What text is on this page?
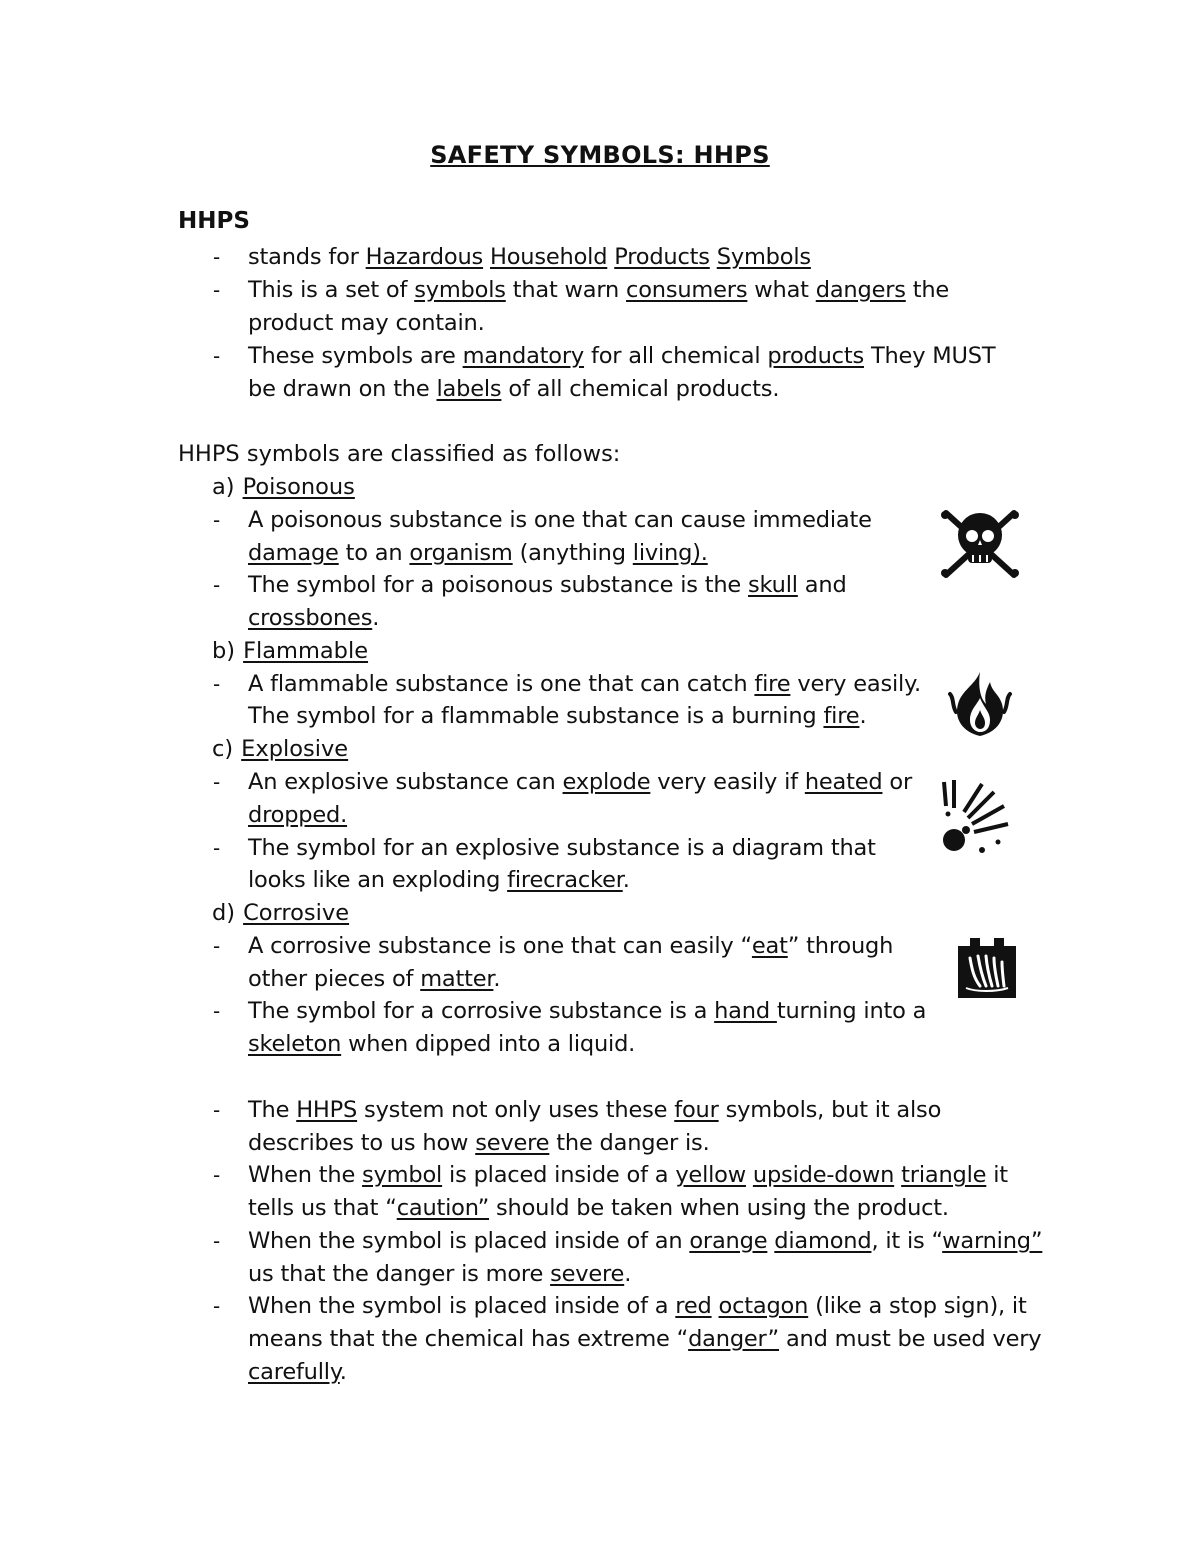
SAFETY SYMBOLS: HHPS
HHPS
- stands for Hazardous Household Products Symbols
- This is a set of symbols that warn consumers what dangers the
product may contain.
- These symbols are mandatory for all chemical products They MUST
be drawn on the labels of all chemical products.
HHPS symbols are classified as follows:
a) Poisonous
- A poisonous substance is one that can cause immediate
damage to an organism (anything living).
- The symbol for a poisonous substance is the skull and
crossbones.
b) Flammable
- A flammable substance is one that can catch fire very easily.
The symbol for a flammable substance is a burning fire.
c) Explosive
- An explosive substance can explode very easily if heated or
dropped.
- The symbol for an explosive substance is a diagram that
looks like an exploding firecracker.
d) Corrosive
- A corrosive substance is one that can easily “eat” through
other pieces of matter.
- The symbol for a corrosive substance is a hand turning into a
skeleton when dipped into a liquid.
- The HHPS system not only uses these four symbols, but it also
describes to us how severe the danger is.
- When the symbol is placed inside of a yellow upside-down triangle it
tells us that “caution” should be taken when using the product.
- When the symbol is placed inside of an orange diamond, it is “warning”
us that the danger is more severe.
- When the symbol is placed inside of a red octagon (like a stop sign), it
means that the chemical has extreme “danger” and must be used very
carefully.
